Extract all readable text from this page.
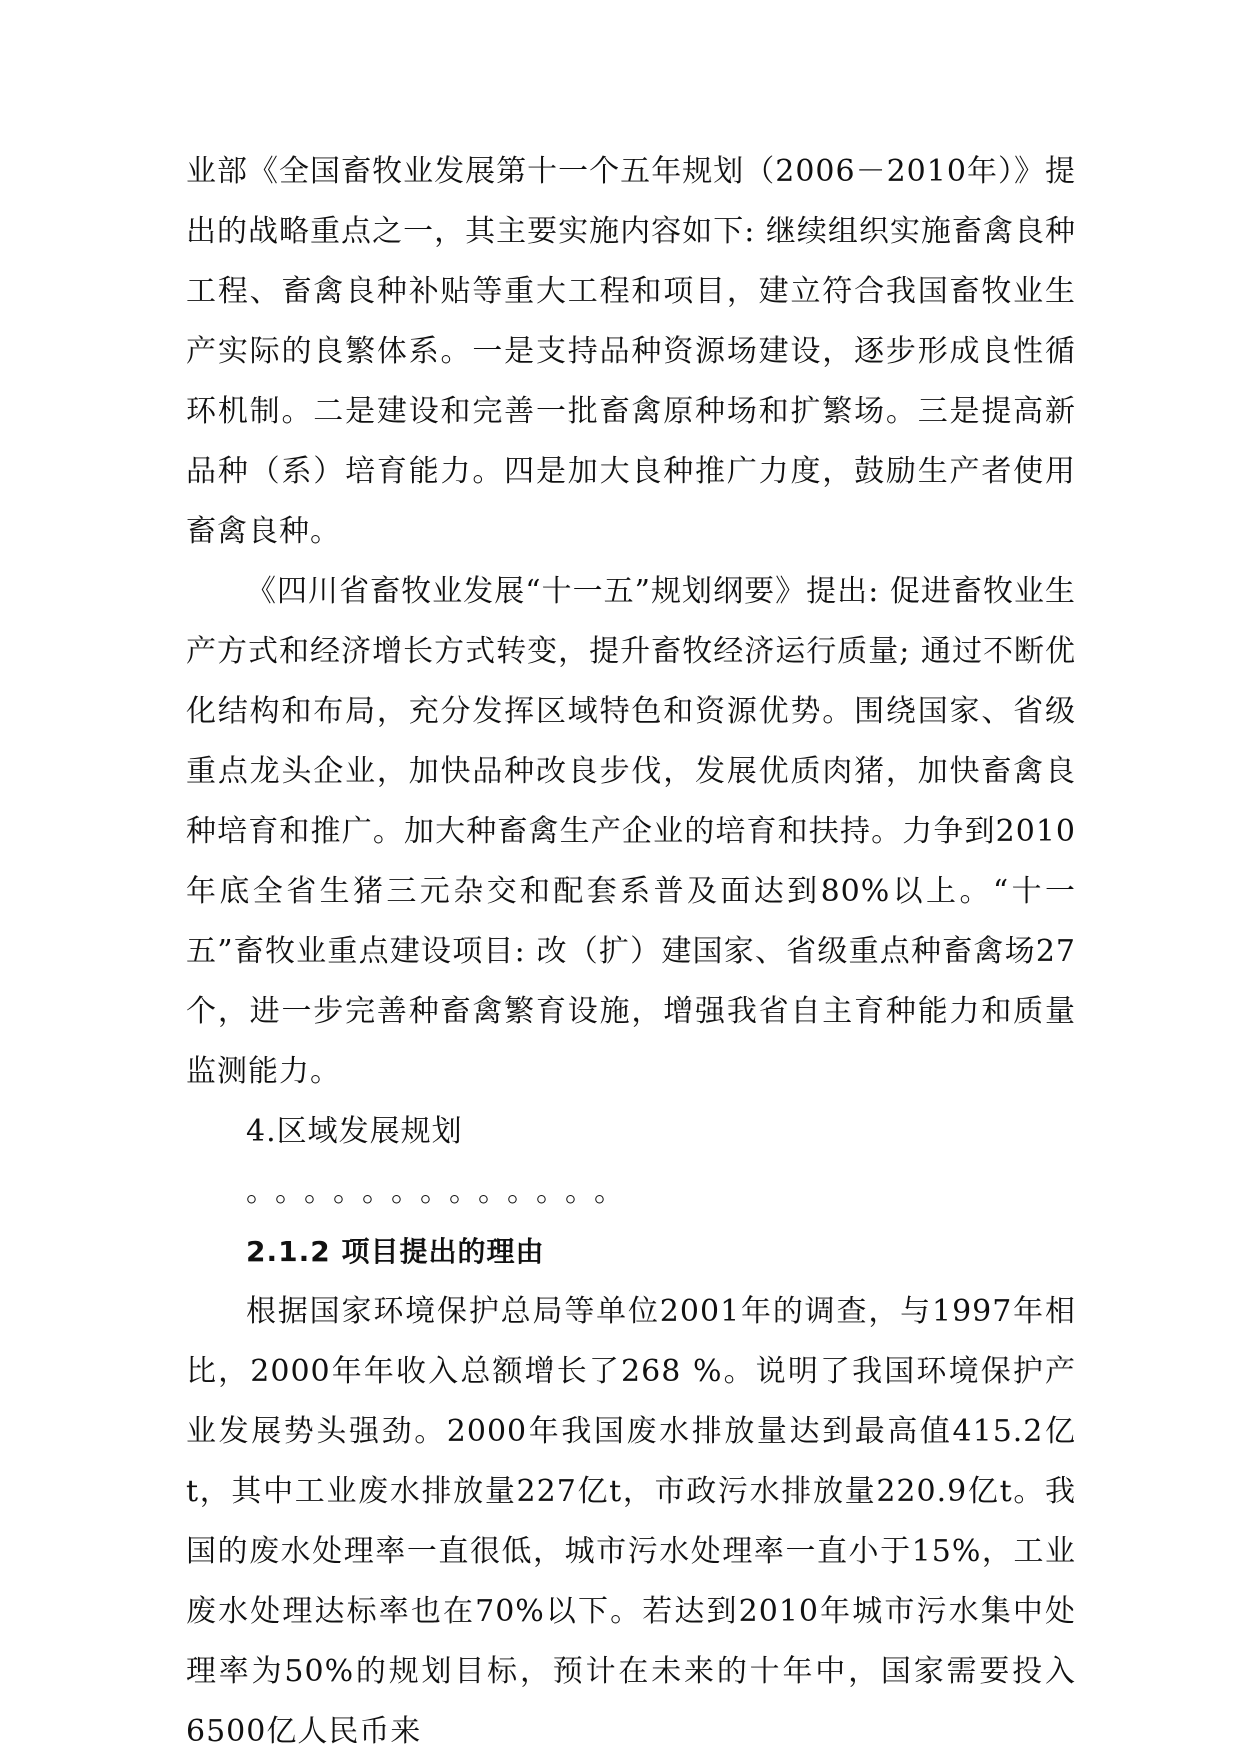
业部《全国畜牧业发展第十一个五年规划（2006－2010年）》提出的战略重点之一，其主要实施内容如下: 继续组织实施畜禽良种工程、畜禽良种补贴等重大工程和项目，建立符合我国畜牧业生产实际的良繁体系。一是支持品种资源场建设，逐步形成良性循环机制。二是建设和完善一批畜禽原种场和扩繁场。三是提高新品种（系）培育能力。四是加大良种推广力度，鼓励生产者使用畜禽良种。

《四川省畜牧业发展“十一五”规划纲要》提出: 促进畜牧业生产方式和经济增长方式转变，提升畜牧经济运行质量; 通过不断优化结构和布局，充分发挥区域特色和资源优势。围绕国家、省级重点龙头企业，加快品种改良步伐，发展优质肉猪，加快畜禽良种培育和推广。加大种畜禽生产企业的培育和扶持。力争到2010年底全省生猪三元杂交和配套系普及面达到80%以上。“十一五”畜牧业重点建设项目: 改（扩）建国家、省级重点种畜禽场27个，进一步完善种畜禽繁育设施，增强我省自主育种能力和质量监测能力。

4.区域发展规划

。。。。。。。。。。。。。

2.1.2 项目提出的理由

根据国家环境保护总局等单位2001年的调查，与1997年相比，2000年年收入总额增长了268 %。说明了我国环境保护产业发展势头强劲。2000年我国废水排放量达到最高值415.2亿t，其中工业废水排放量227亿t，市政污水排放量220.9亿t。我国的废水处理率一直很低，城市污水处理率一直小于15%，工业废水处理达标率也在70%以下。若达到2010年城市污水集中处理率为50%的规划目标，预计在未来的十年中，国家需要投入6500亿人民币来
